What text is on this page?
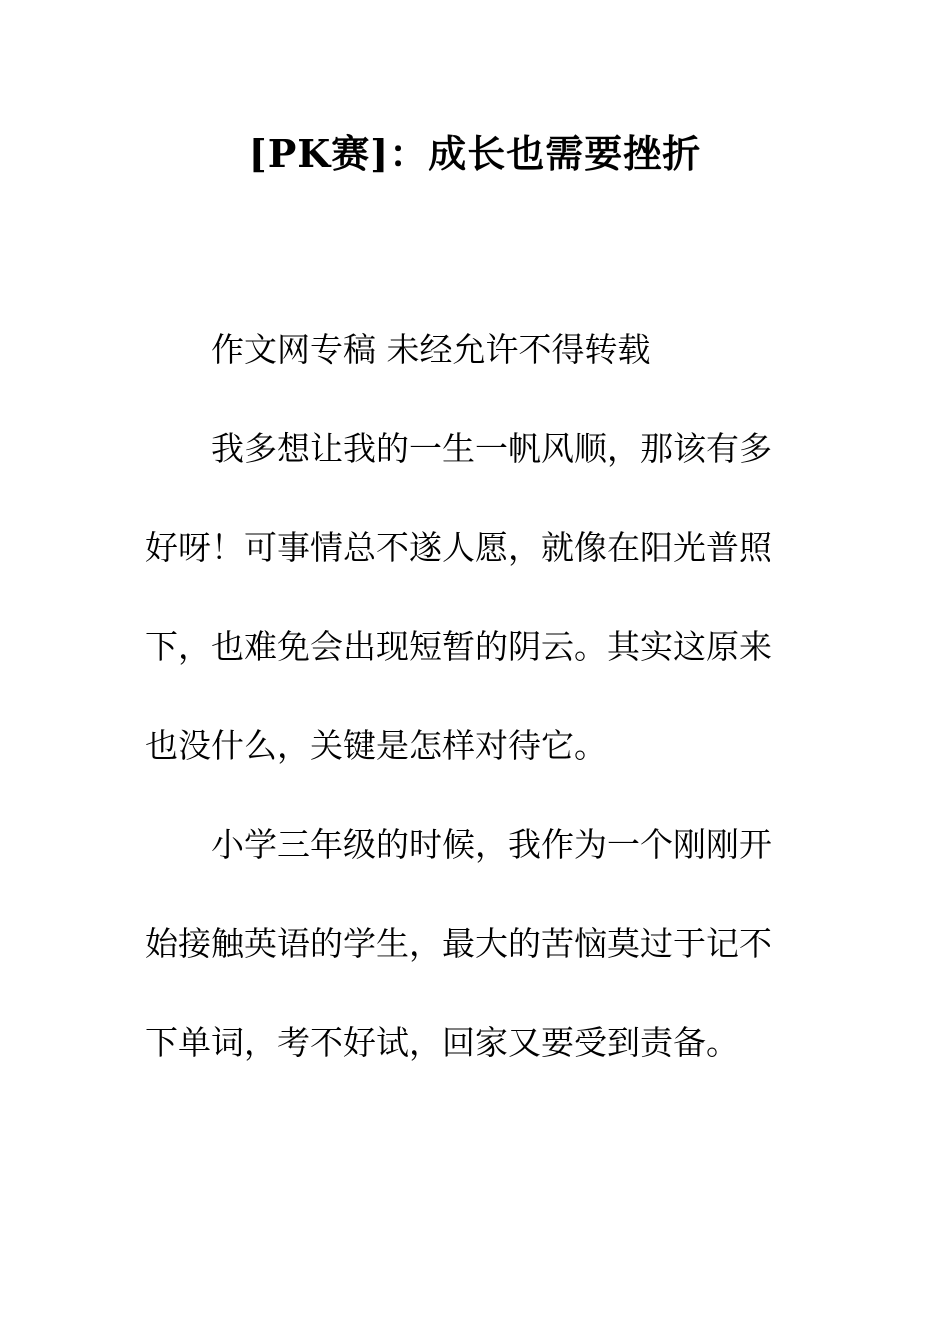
[PK赛]：成长也需要挫折

作文网专稿 未经允许不得转载

我多想让我的一生一帆风顺，那该有多好呀！可事情总不遂人愿，就像在阳光普照下，也难免会出现短暂的阴云。其实这原来也没什么，关键是怎样对待它。

小学三年级的时候，我作为一个刚刚开始接触英语的学生，最大的苦恼莫过于记不下单词，考不好试，回家又要受到责备。
